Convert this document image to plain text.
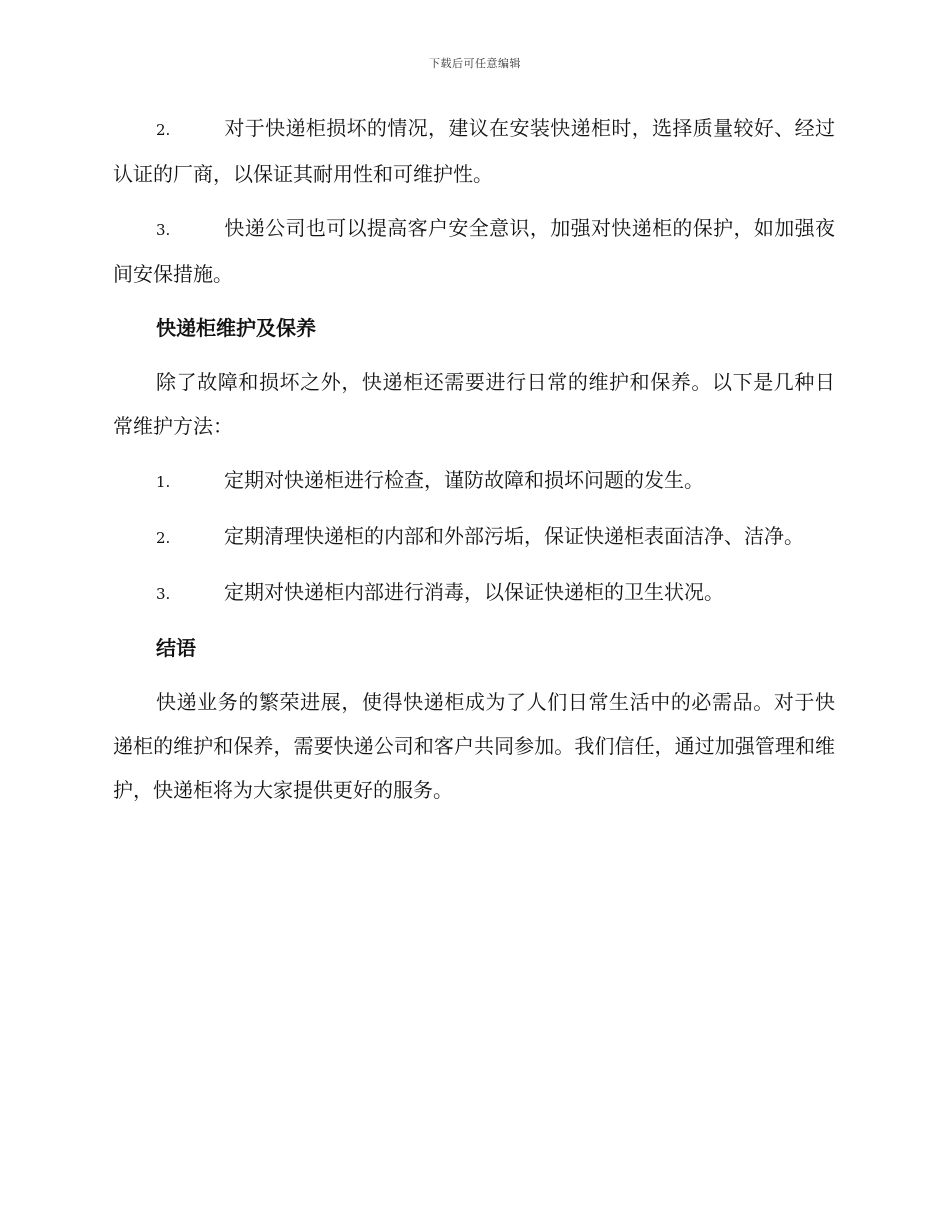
下载后可任意编辑

2.	对于快递柜损坏的情况，建议在安装快递柜时，选择质量较好、经过认证的厂商，以保证其耐用性和可维护性。

3.	快递公司也可以提高客户安全意识，加强对快递柜的保护，如加强夜间安保措施。

快递柜维护及保养

除了故障和损坏之外，快递柜还需要进行日常的维护和保养。以下是几种日常维护方法：

1.	定期对快递柜进行检查，谨防故障和损坏问题的发生。

2.	定期清理快递柜的内部和外部污垢，保证快递柜表面洁净、洁净。

3.	定期对快递柜内部进行消毒，以保证快递柜的卫生状况。

结语

快递业务的繁荣进展，使得快递柜成为了人们日常生活中的必需品。对于快递柜的维护和保养，需要快递公司和客户共同参加。我们信任，通过加强管理和维护，快递柜将为大家提供更好的服务。
